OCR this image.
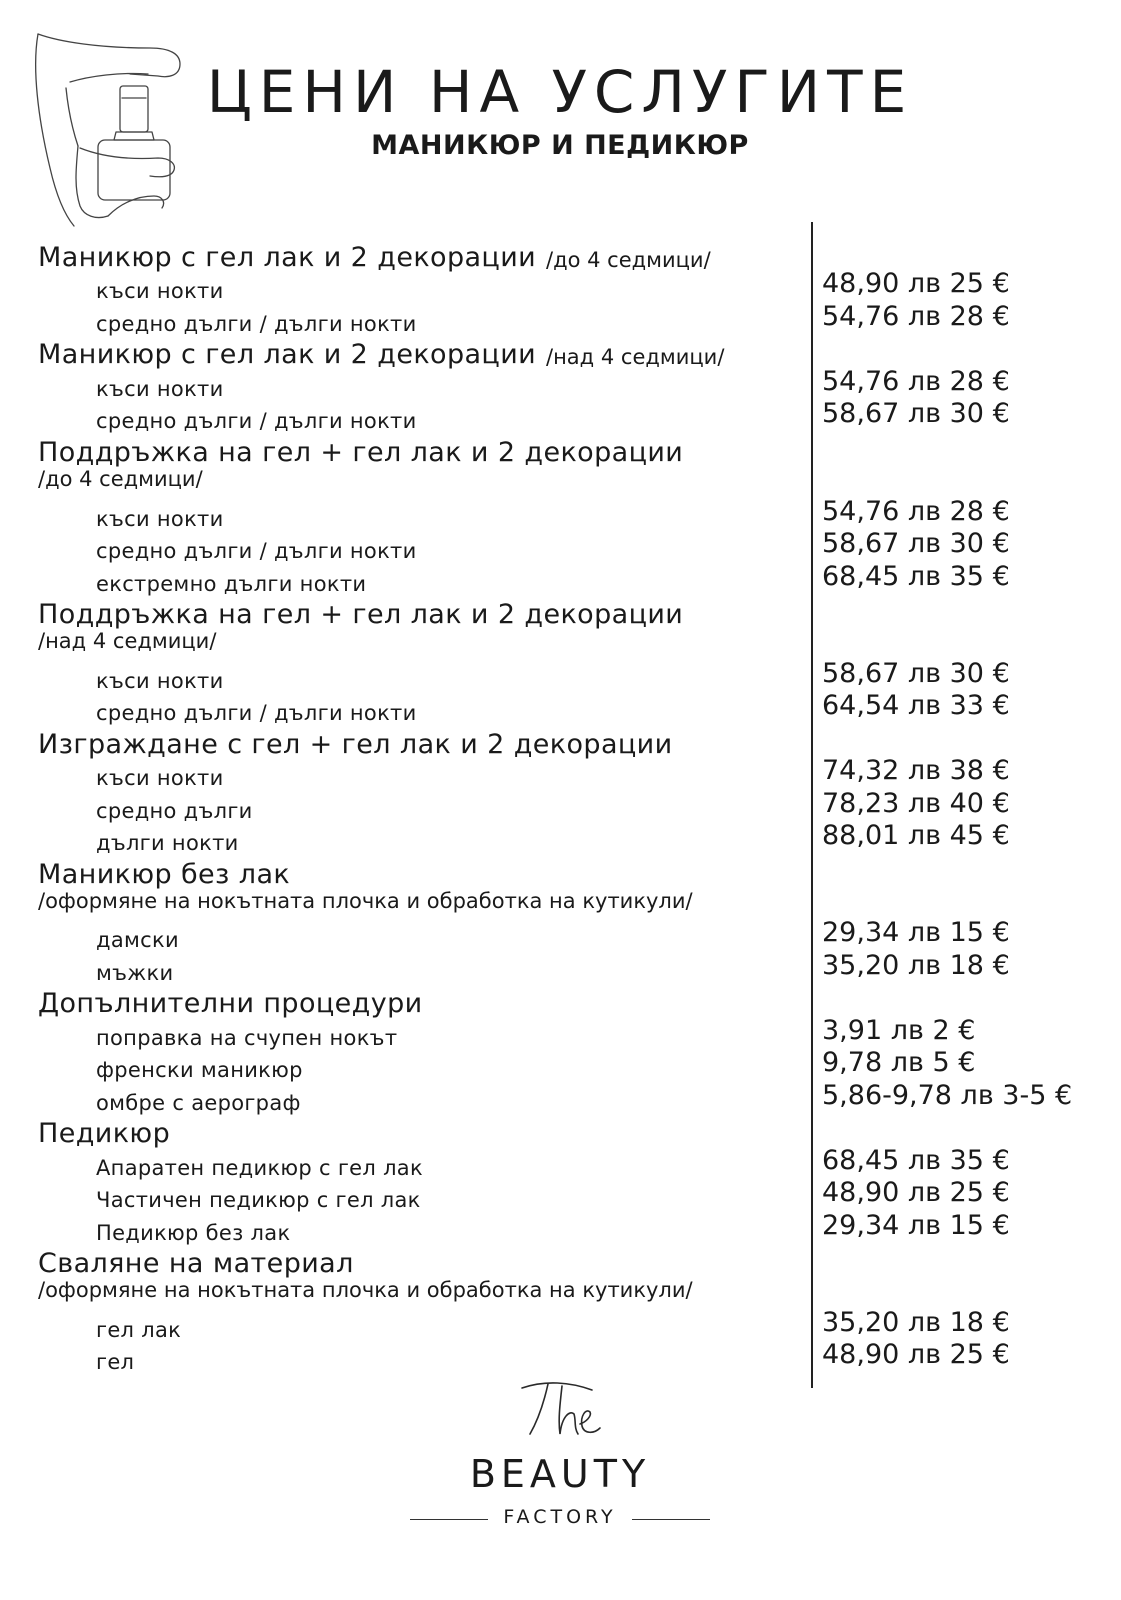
ЦЕНИ НА УСЛУГИТЕ
МАНИКЮР И ПЕДИКЮР
Маникюр с гел лак и 2 декорации /до 4 седмици/
къси нокти	48,90 лв 25 €
средно дълги / дълги нокти	54,76 лв 28 €
Маникюр с гел лак и 2 декорации /над 4 седмици/
къси нокти	54,76 лв 28 €
средно дълги / дълги нокти	58,67 лв 30 €
Поддръжка на гел + гел лак и 2 декорации
/до 4 седмици/
къси нокти	54,76 лв 28 €
средно дълги / дълги нокти	58,67 лв 30 €
екстремно дълги нокти	68,45 лв 35 €
Поддръжка на гел + гел лак и 2 декорации
/над 4 седмици/
къси нокти	58,67 лв 30 €
средно дълги / дълги нокти	64,54 лв 33 €
Изграждане с гел + гел лак и 2 декорации
къси нокти	74,32 лв 38 €
средно дълги	78,23 лв 40 €
дълги нокти	88,01 лв 45 €
Маникюр без лак
/оформяне на нокътната плочка и обработка на кутикули/
дамски	29,34 лв 15 €
мъжки	35,20 лв 18 €
Допълнителни процедури
поправка на счупен нокът	3,91 лв 2 €
френски маникюр	9,78 лв 5 €
омбре с аерограф	5,86-9,78 лв 3-5 €
Педикюр
Апаратен педикюр с гел лак	68,45 лв 35 €
Частичен педикюр с гел лак	48,90 лв 25 €
Педикюр без лак	29,34 лв 15 €
Сваляне на материал
/оформяне на нокътната плочка и обработка на кутикули/
гел лак	35,20 лв 18 €
гел	48,90 лв 25 €
BEAUTY
FACTORY
